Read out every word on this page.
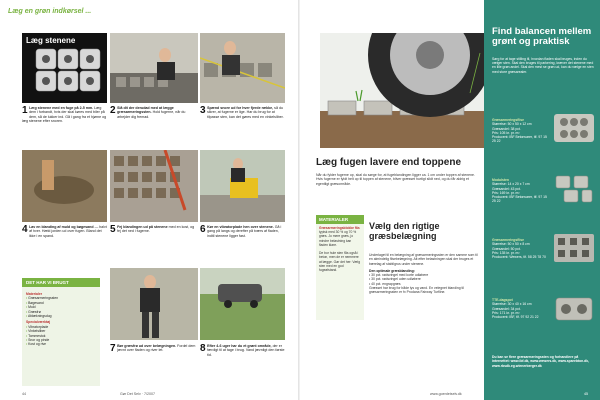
Læg en grøn indkørsel ...
Læg stenene
1 Læg stenene med en fuge på 2-5 mm. Læg dem i forbandt, hvis der skal køres med biler på dem, så de lukker ind. Gå i gang fra et hjørne og læg stenene efter snoren.
2 Slå dit der derudad med at lægge græsarmeringssten. Hold fugerne, når du arbejder dig fremad.
3 Spænd snore ud for hver fjerde række, så du sikrer, at fugerne er lige. Har du brug for at tilpasse sten, kan det gøres med en vinkelsliber.
4 Lav en blanding af muld og bøgesand — halvt af hver. Hæld jorden ud over fugen. Bland det ikke i en spand.
5 Fej blandingen ud på stenene med en kost, og fej det ned i fugerne.	6 Kør en vibratorplade hen over stenene. Gå i gang på langs og derefter på tværs af fladen, indtil stenene ligger fast.
DET HAR VI BRUGT
Materialer
• Græsarmeringssten
• Bøgesand
• Muld
• Græsfrø
• Afdækningsdug
Specialværktøj
• Vibratorplade
• Vinkelsliber
• Tommestok
• Snor og pinde
• Kost og rive	7 Bør græsfrø ud over belægningen. Fordel dem jævnt over fladen og river let.	8 Efter 4-6 uger har du et grønt område, der er færdigt til at tage i brug. Vand jævnligt den første tid.
44	Gør Det Selv · 7/2007
Læg fugen lavere end toppene
Når du fylder fugerne op, skal du sørge for, at fugeblandingen ligger ca. 1 cm under toppen af stenene. Hvis fugerne er fyldt helt op til toppen af stenene, bliver græsset hurtigt slidt ned, og du får aldrig et egentligt græsområde.
MATERIALER
Græsarmeringsblokke fås typisk med 30 % og 70 % græs. Jo mere græs, jo mindre belastning kan fladen klare.

De bor hule sten fås også i beton, men de er nemmere at lægge. Gør det her: Vælg sten med en god fugeafstand.
Vælg den rigtige græsbelægning
Underlaget til en belægning af græsarmeringssten er den samme som til en almindelig flisebelægning. Alt efter belastningen skal der bruges et bærelag af stabilgrus under stenene.
Den optimale græsblanding:
• 30 pct. rødsvingel med korte udløbere
• 30 pct. rødsvingel uden udløbere
• 40 pct. engrapgræs
Græsset har brug for både lys og vand. En velegnet blanding til græsarmeringssten er fx Prodana Fairway Turfline.
www.goerdetselv.dk
Find balancen mellem grønt og praktisk
Sørg for at tage stilling til, hvordan fladen skal bruges, inden du vælger sten. Skal den bruges til parkering, kræver det stenene med en lille grøn andel. Skal den mest se grøn ud, kan du vælge en sten med store græsarealer.
Græsarmeringsflise
Størrelse: 50 x 50 x 12 cm
Græsandel: 38 pct.
Pris: 105 kr. pr. m²
Producent: IBF Betonvarer, tlf. 97 15 25 22
Modulsten
Størrelse: 14 x 20 x 7 cm
Græsandel: 43 pct.
Pris: 169 kr. pr. m²
Producent: IBF Betonvarer, tlf. 97 15 25 22
Græsarmeringsflise
Størrelse: 50 x 50 x 8 cm
Græsandel: 50 pct.
Pris: 135 kr. pr. m²
Producent: Wewers, tlf. 58 25 78 70
TTE-dagspot
Størrelse: 30 x 40 x 16 cm
Græsandel: 34 pct.
Pris: 171 kr. pr. m²
Producent: IBF, tlf. 97 92 21 22
Du kan se flere græsarmeringssten og forhandlere på internettet: www.ibf.dk, www.wewers.dk, www.sparebton.dk, www.rbsdk.eg.wienerberger.dk
45
